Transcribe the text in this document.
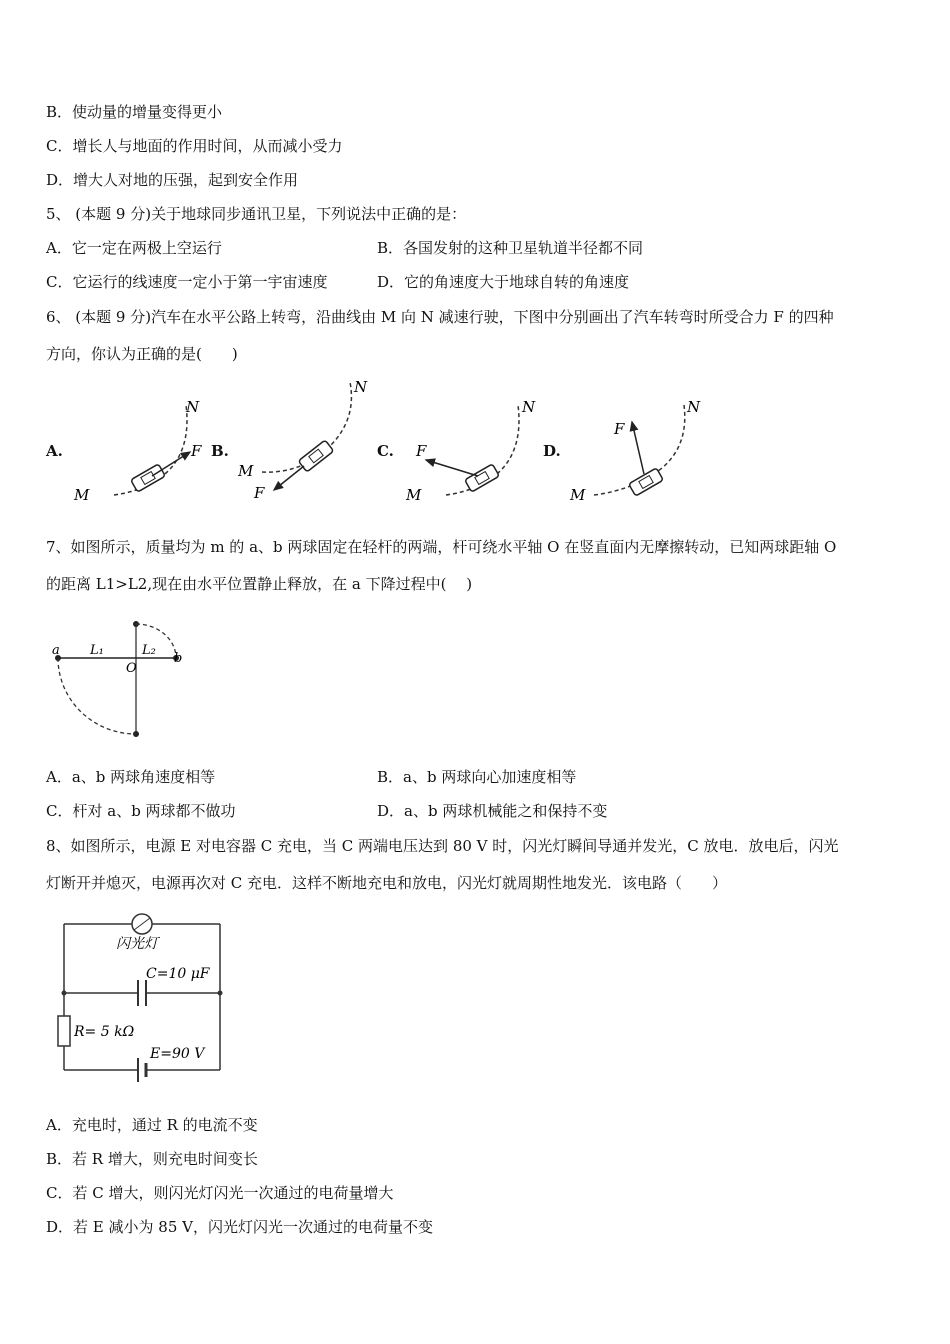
B．使动量的增量变得更小
C．增长人与地面的作用时间，从而减小受力
D．增大人对地的压强，起到安全作用
5、 (本题 9 分)关于地球同步通讯卫星，下列说法中正确的是：
A．它一定在两极上空运行	B．各国发射的这种卫星轨道半径都不同
C．它运行的线速度一定小于第一宇宙速度	D．它的角速度大于地球自转的角速度
6、 (本题 9 分)汽车在水平公路上转弯，沿曲线由 M 向 N 减速行驶，下图中分别画出了汽车转弯时所受合力 F 的四种
方向，你认为正确的是(　　)
A.	B.	C.	D.
F
M
N
F
M
N
F
M
N
F
M
N
7、如图所示，质量均为 m 的 a、b 两球固定在轻杆的两端，杆可绕水平轴 O 在竖直面内无摩擦转动，已知两球距轴 O
的距离 L1>L2,现在由水平位置静止释放，在 a 下降过程中(　 )
a
b
O
L₁	L₂
A．a、b 两球角速度相等	B．a、b 两球向心加速度相等
C．杆对 a、b 两球都不做功	D．a、b 两球机械能之和保持不变
8、如图所示，电源 E 对电容器 C 充电，当 C 两端电压达到 80 V 时，闪光灯瞬间导通并发光，C 放电．放电后，闪光
灯断开并熄灭，电源再次对 C 充电．这样不断地充电和放电，闪光灯就周期性地发光．该电路（　　）
闪光灯
C=10 μF
R= 5 kΩ
E=90 V
A．充电时，通过 R 的电流不变
B．若 R 增大，则充电时间变长
C．若 C 增大，则闪光灯闪光一次通过的电荷量增大
D．若 E 减小为 85 V，闪光灯闪光一次通过的电荷量不变
